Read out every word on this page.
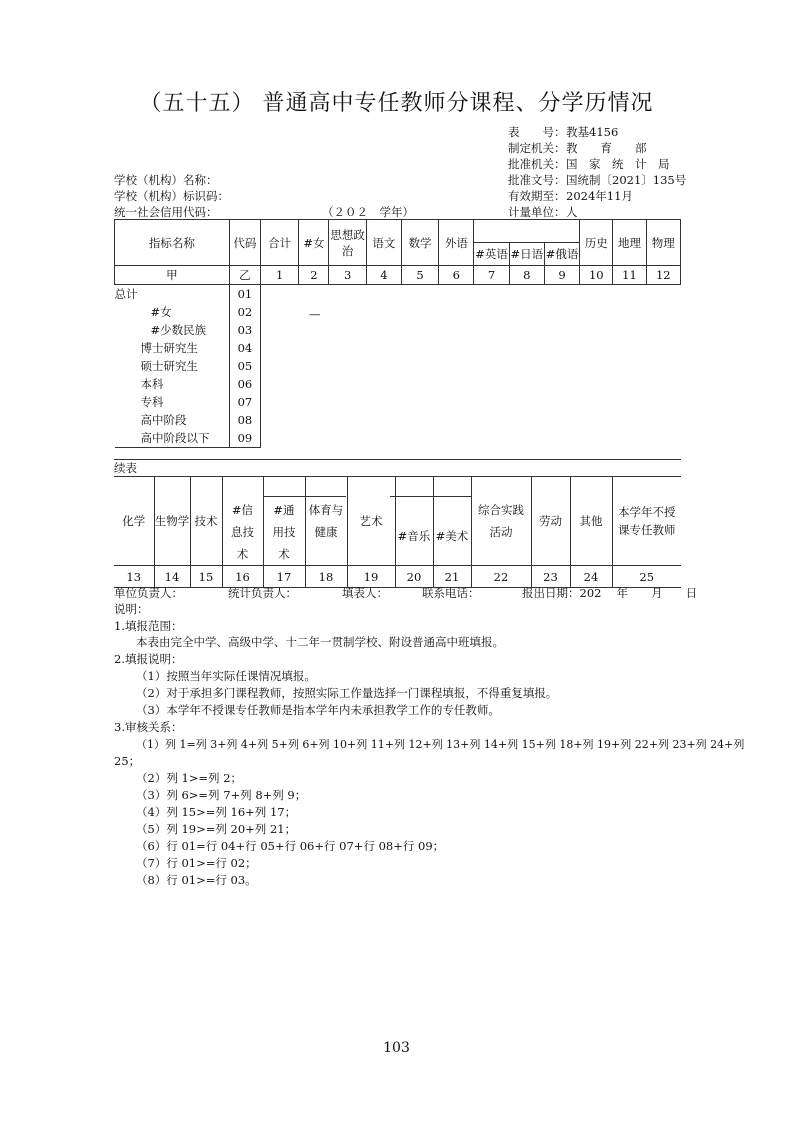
（五十五） 普通高中专任教师分课程、分学历情况
表　　号：教基4156
制定机关：教　　育　　部
批准机关：国　家　统　计　局
批准文号：国统制〔2021〕135号
有效期至：2024年11月
计量单位：人
学校（机构）名称：
学校（机构）标识码：
统一社会信用代码：	（２０２　学年）
指标名称	代码	合计	#女	思想政治	语文	数学	外语				历史	地理	物理
								#英语	#日语	#俄语			
甲	乙	1	2	3	4	5	6	7	8	9	10	11	12
总计	01												
#女	02												
#少数民族	03												
博士研究生	04												
硕士研究生	05												
本科	06												
专科	07												
高中阶段	08												
高中阶段以下	09												
—
续表
化学	生物学	技术	#信息技术	#通用技术	体育与健康	艺术	#音乐	#美术	综合实践活动	劳动	其他	本学年不授课专任教师

13	14	15	16	17	18	19	20	21	22	23	24	25
单位负责人：	统计负责人：	填表人：	联系电话：	报出日期：202　 年　　月　　日
说明：
1.填报范围：
本表由完全中学、高级中学、十二年一贯制学校、附设普通高中班填报。
2.填报说明：
（1）按照当年实际任课情况填报。
（2）对于承担多门课程教师，按照实际工作量选择一门课程填报，不得重复填报。
（3）本学年不授课专任教师是指本学年内未承担教学工作的专任教师。
3.审核关系：
（1）列 1=列 3+列 4+列 5+列 6+列 10+列 11+列 12+列 13+列 14+列 15+列 18+列 19+列 22+列 23+列 24+列
25；
（2）列 1>=列 2；
（3）列 6>=列 7+列 8+列 9；
（4）列 15>=列 16+列 17；
（5）列 19>=列 20+列 21；
（6）行 01=行 04+行 05+行 06+行 07+行 08+行 09；
（7）行 01>=行 02；
（8）行 01>=行 03。
103
